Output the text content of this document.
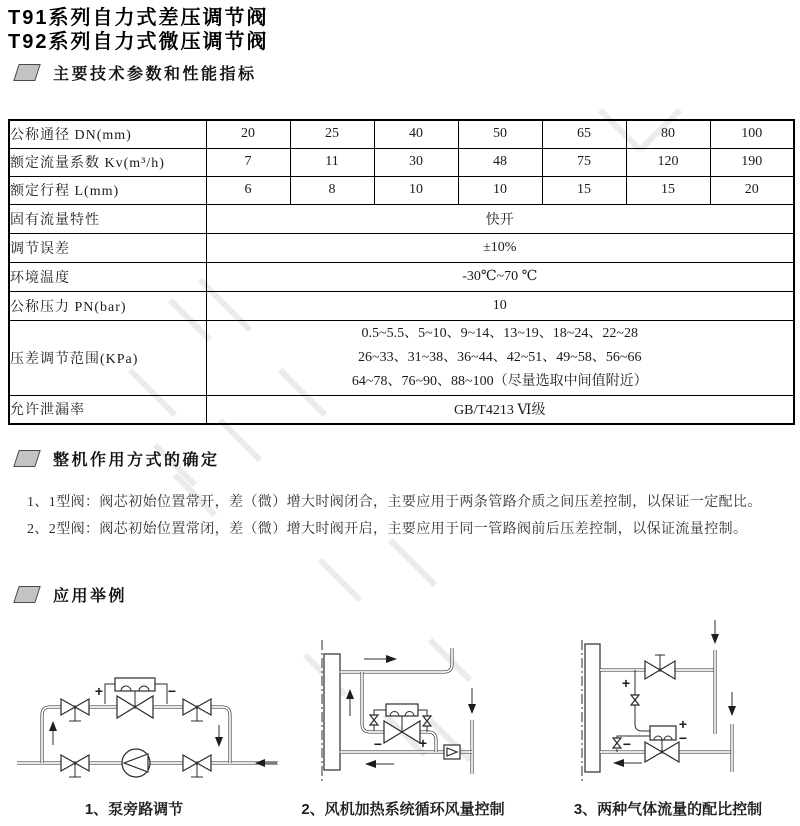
T91系列自力式差压调节阀
T92系列自力式微压调节阀
主要技术参数和性能指标
公称通径 DN(mm)	20	25	40	50	65	80	100
额定流量系数 Kv(m³/h)	7	11	30	48	75	120	190
额定行程 L(mm)	6	8	10	10	15	15	20
固有流量特性	快开						
调节误差	±10%						
环境温度	-30℃~70 ℃						
公称压力 PN(bar)	10						
压差调节范围(KPa)	0.5~5.5、5~10、9~14、13~19、18~24、22~28
26~33、31~38、36~44、42~51、49~58、56~66
64~78、76~90、88~100（尽量选取中间值附近）						

允许泄漏率	GB/T4213 Ⅵ级						
整机作用方式的确定

1、1型阀：阀芯初始位置常开，差（微）增大时阀闭合，主要应用于两条管路介质之间压差控制，以保证一定配比。

2、2型阀：阀芯初始位置常闭，差（微）增大时阀开启，主要应用于同一管路阀前后压差控制，以保证流量控制。

应用举例
+	−
−	+
+
−
+
−
1、泵旁路调节	2、风机加热系统循环风量控制	3、两种气体流量的配比控制
